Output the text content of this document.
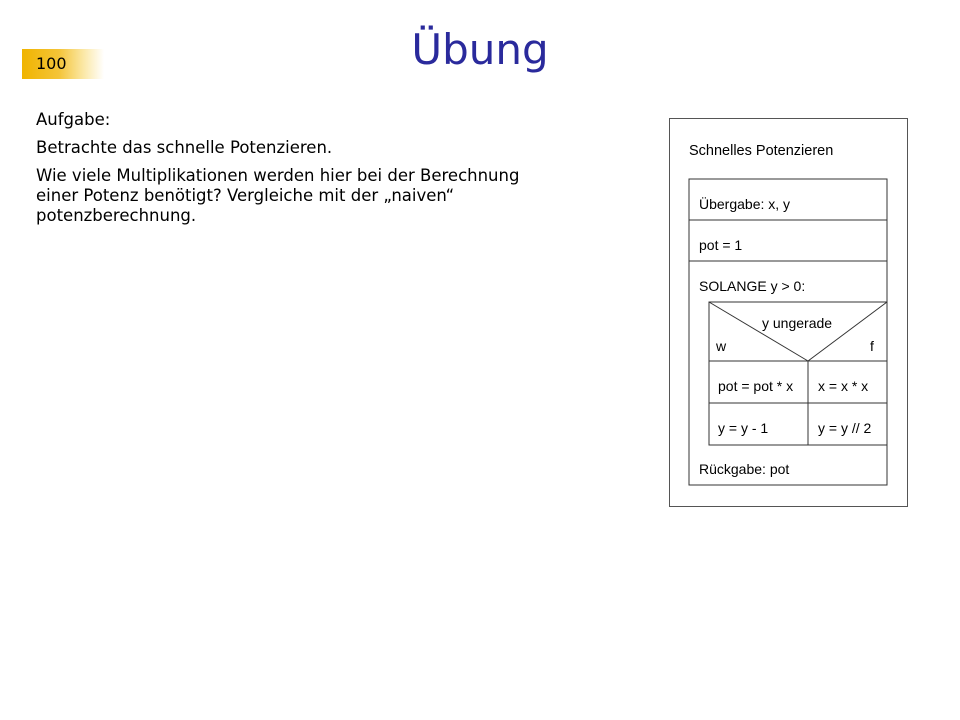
100	Übung

Aufgabe:

Betrachte das schnelle Potenzieren.

Wie viele Multiplikationen werden hier bei der Berechnung
einer Potenz benötigt? Vergleiche mit der „naiven“
potenzberechnung.

Schnelles Potenzieren
Übergabe: x, y
pot = 1
SOLANGE y > 0:
y ungerade
w	f
pot = pot * x
y = y - 1
x = x * x
y = y // 2
Rückgabe: pot
